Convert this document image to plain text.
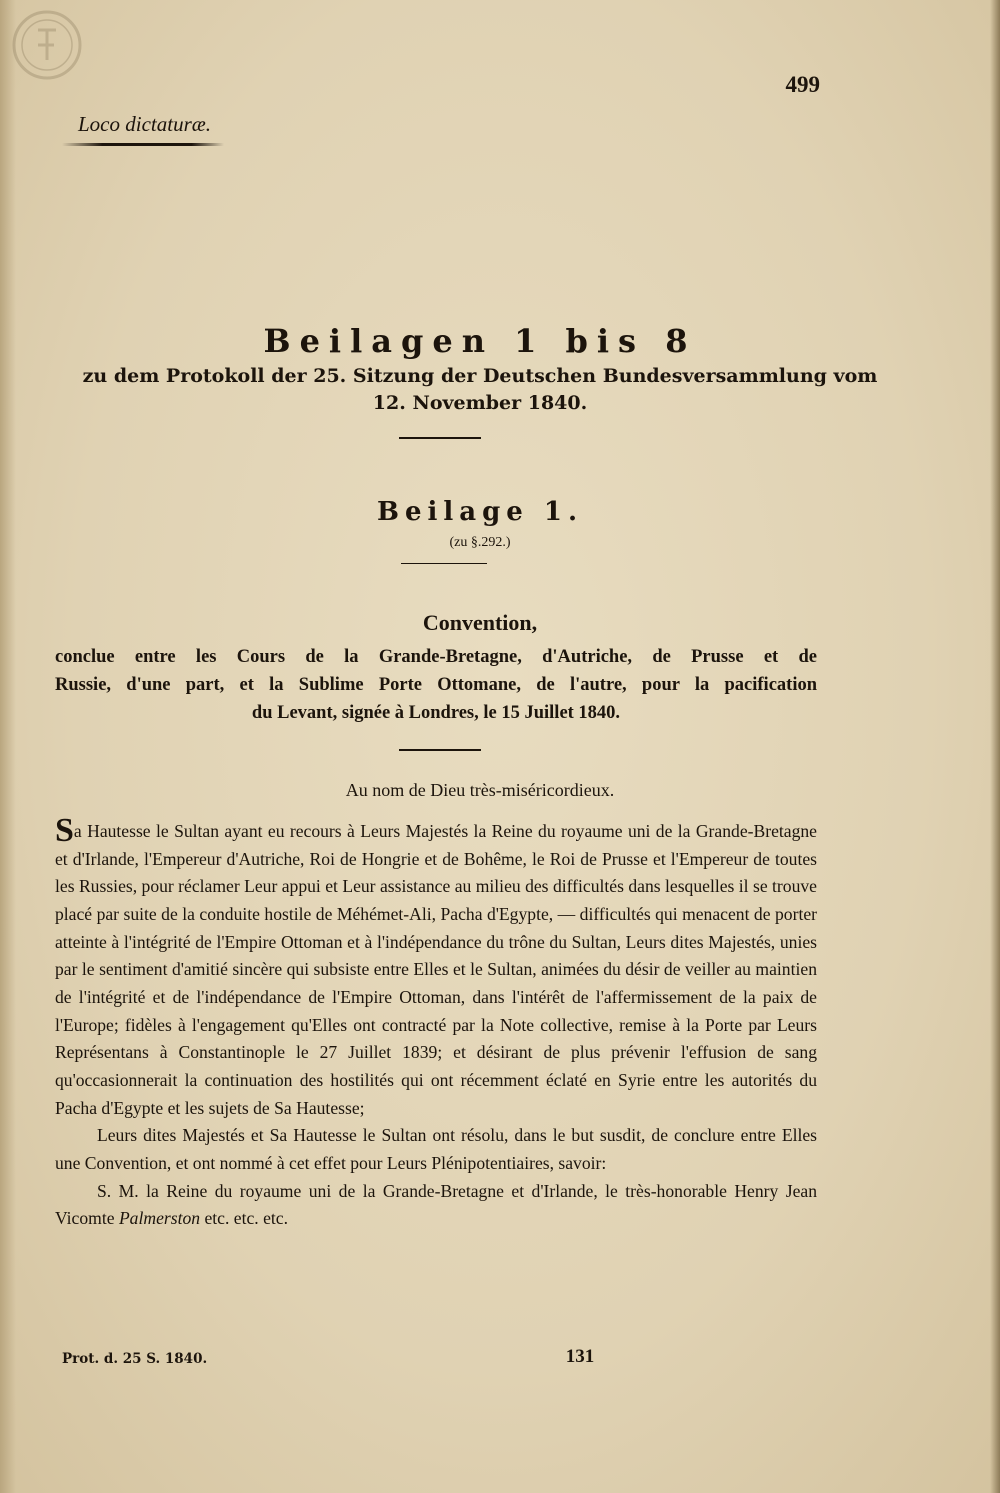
499
Loco dictaturæ.
Beilagen 1 bis 8
zu dem Protokoll der 25. Sitzung der Deutschen Bundesversammlung vom
12. November 1840.
Beilage 1.
(zu §.292.)
Convention,
conclue entre les Cours de la Grande-Bretagne, d'Autriche, de Prusse et de
Russie, d'une part, et la Sublime Porte Ottomane, de l'autre, pour la pacification
du Levant, signée à Londres, le 15 Juillet 1840.
Au nom de Dieu très-miséricordieux.

Sa Hautesse le Sultan ayant eu recours à Leurs Majestés la Reine du royaume uni de la Grande-Bretagne et d'Irlande, l'Empereur d'Autriche, Roi de Hongrie et de Bohême, le Roi de Prusse et l'Empereur de toutes les Russies, pour réclamer Leur appui et Leur assistance au milieu des difficultés dans lesquelles il se trouve placé par suite de la conduite hostile de Méhémet-Ali, Pacha d'Egypte, — difficultés qui menacent de porter atteinte à l'intégrité de l'Empire Ottoman et à l'indépendance du trône du Sultan, Leurs dites Majestés, unies par le sentiment d'amitié sincère qui subsiste entre Elles et le Sultan, animées du désir de veiller au maintien de l'intégrité et de l'indépendance de l'Empire Ottoman, dans l'intérêt de l'affermissement de la paix de l'Europe; fidèles à l'engagement qu'Elles ont contracté par la Note collective, remise à la Porte par Leurs Représentans à Constantinople le 27 Juillet 1839; et désirant de plus prévenir l'effusion de sang qu'occasionnerait la continuation des hostilités qui ont récemment éclaté en Syrie entre les autorités du Pacha d'Egypte et les sujets de Sa Hautesse;

Leurs dites Majestés et Sa Hautesse le Sultan ont résolu, dans le but susdit, de conclure entre Elles une Convention, et ont nommé à cet effet pour Leurs Plénipotentiaires, savoir:

S. M. la Reine du royaume uni de la Grande-Bretagne et d'Irlande, le très-honorable Henry Jean Vicomte Palmerston etc. etc. etc.

Prot. d. 25 S. 1840.	131
